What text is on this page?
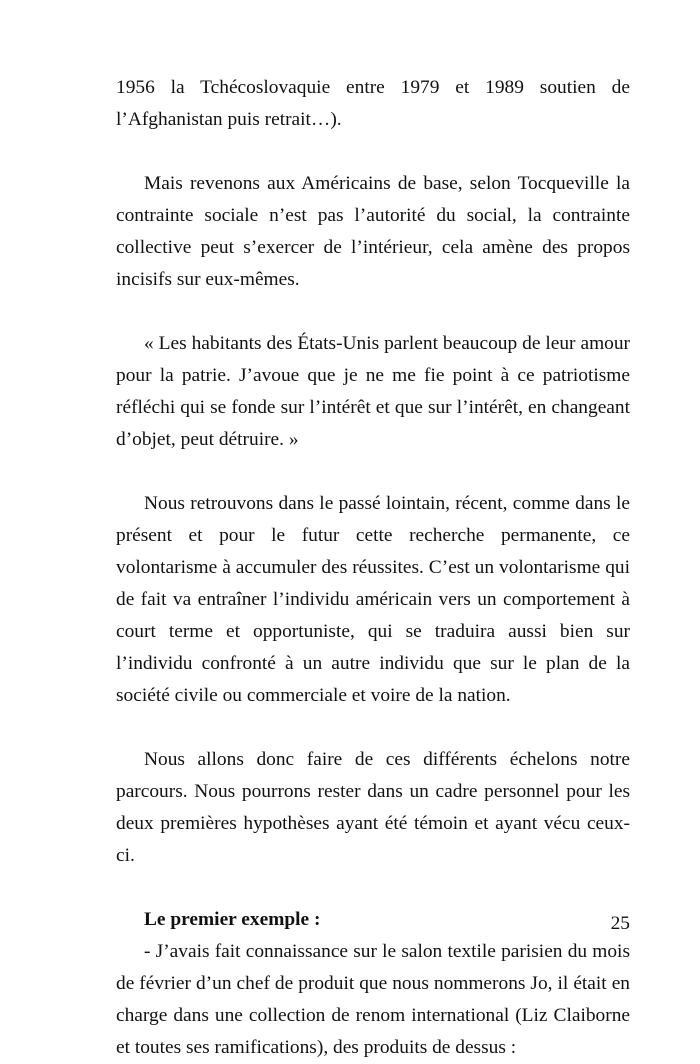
1956 la Tchécoslovaquie entre 1979 et 1989 soutien de l’Afghanistan puis retrait…).

Mais revenons aux Américains de base, selon Tocqueville la contrainte sociale n’est pas l’autorité du social, la contrainte collective peut s’exercer de l’intérieur, cela amène des propos incisifs sur eux-mêmes.

« Les habitants des États-Unis parlent beaucoup de leur amour pour la patrie. J’avoue que je ne me fie point à ce patriotisme réfléchi qui se fonde sur l’intérêt et que sur l’intérêt, en changeant d’objet, peut détruire. »

Nous retrouvons dans le passé lointain, récent, comme dans le présent et pour le futur cette recherche permanente, ce volontarisme à accumuler des réussites. C’est un volontarisme qui de fait va entraîner l’individu américain vers un comportement à court terme et opportuniste, qui se traduira aussi bien sur l’individu confronté à un autre individu que sur le plan de la société civile ou commerciale et voire de la nation.

Nous allons donc faire de ces différents échelons notre parcours. Nous pourrons rester dans un cadre personnel pour les deux premières hypothèses ayant été témoin et ayant vécu ceux-ci.

Le premier exemple :

- J’avais fait connaissance sur le salon textile parisien du mois de février d’un chef de produit que nous nommerons Jo, il était en charge dans une collection de renom international (Liz Claiborne et toutes ses ramifications), des produits de dessus :

25
